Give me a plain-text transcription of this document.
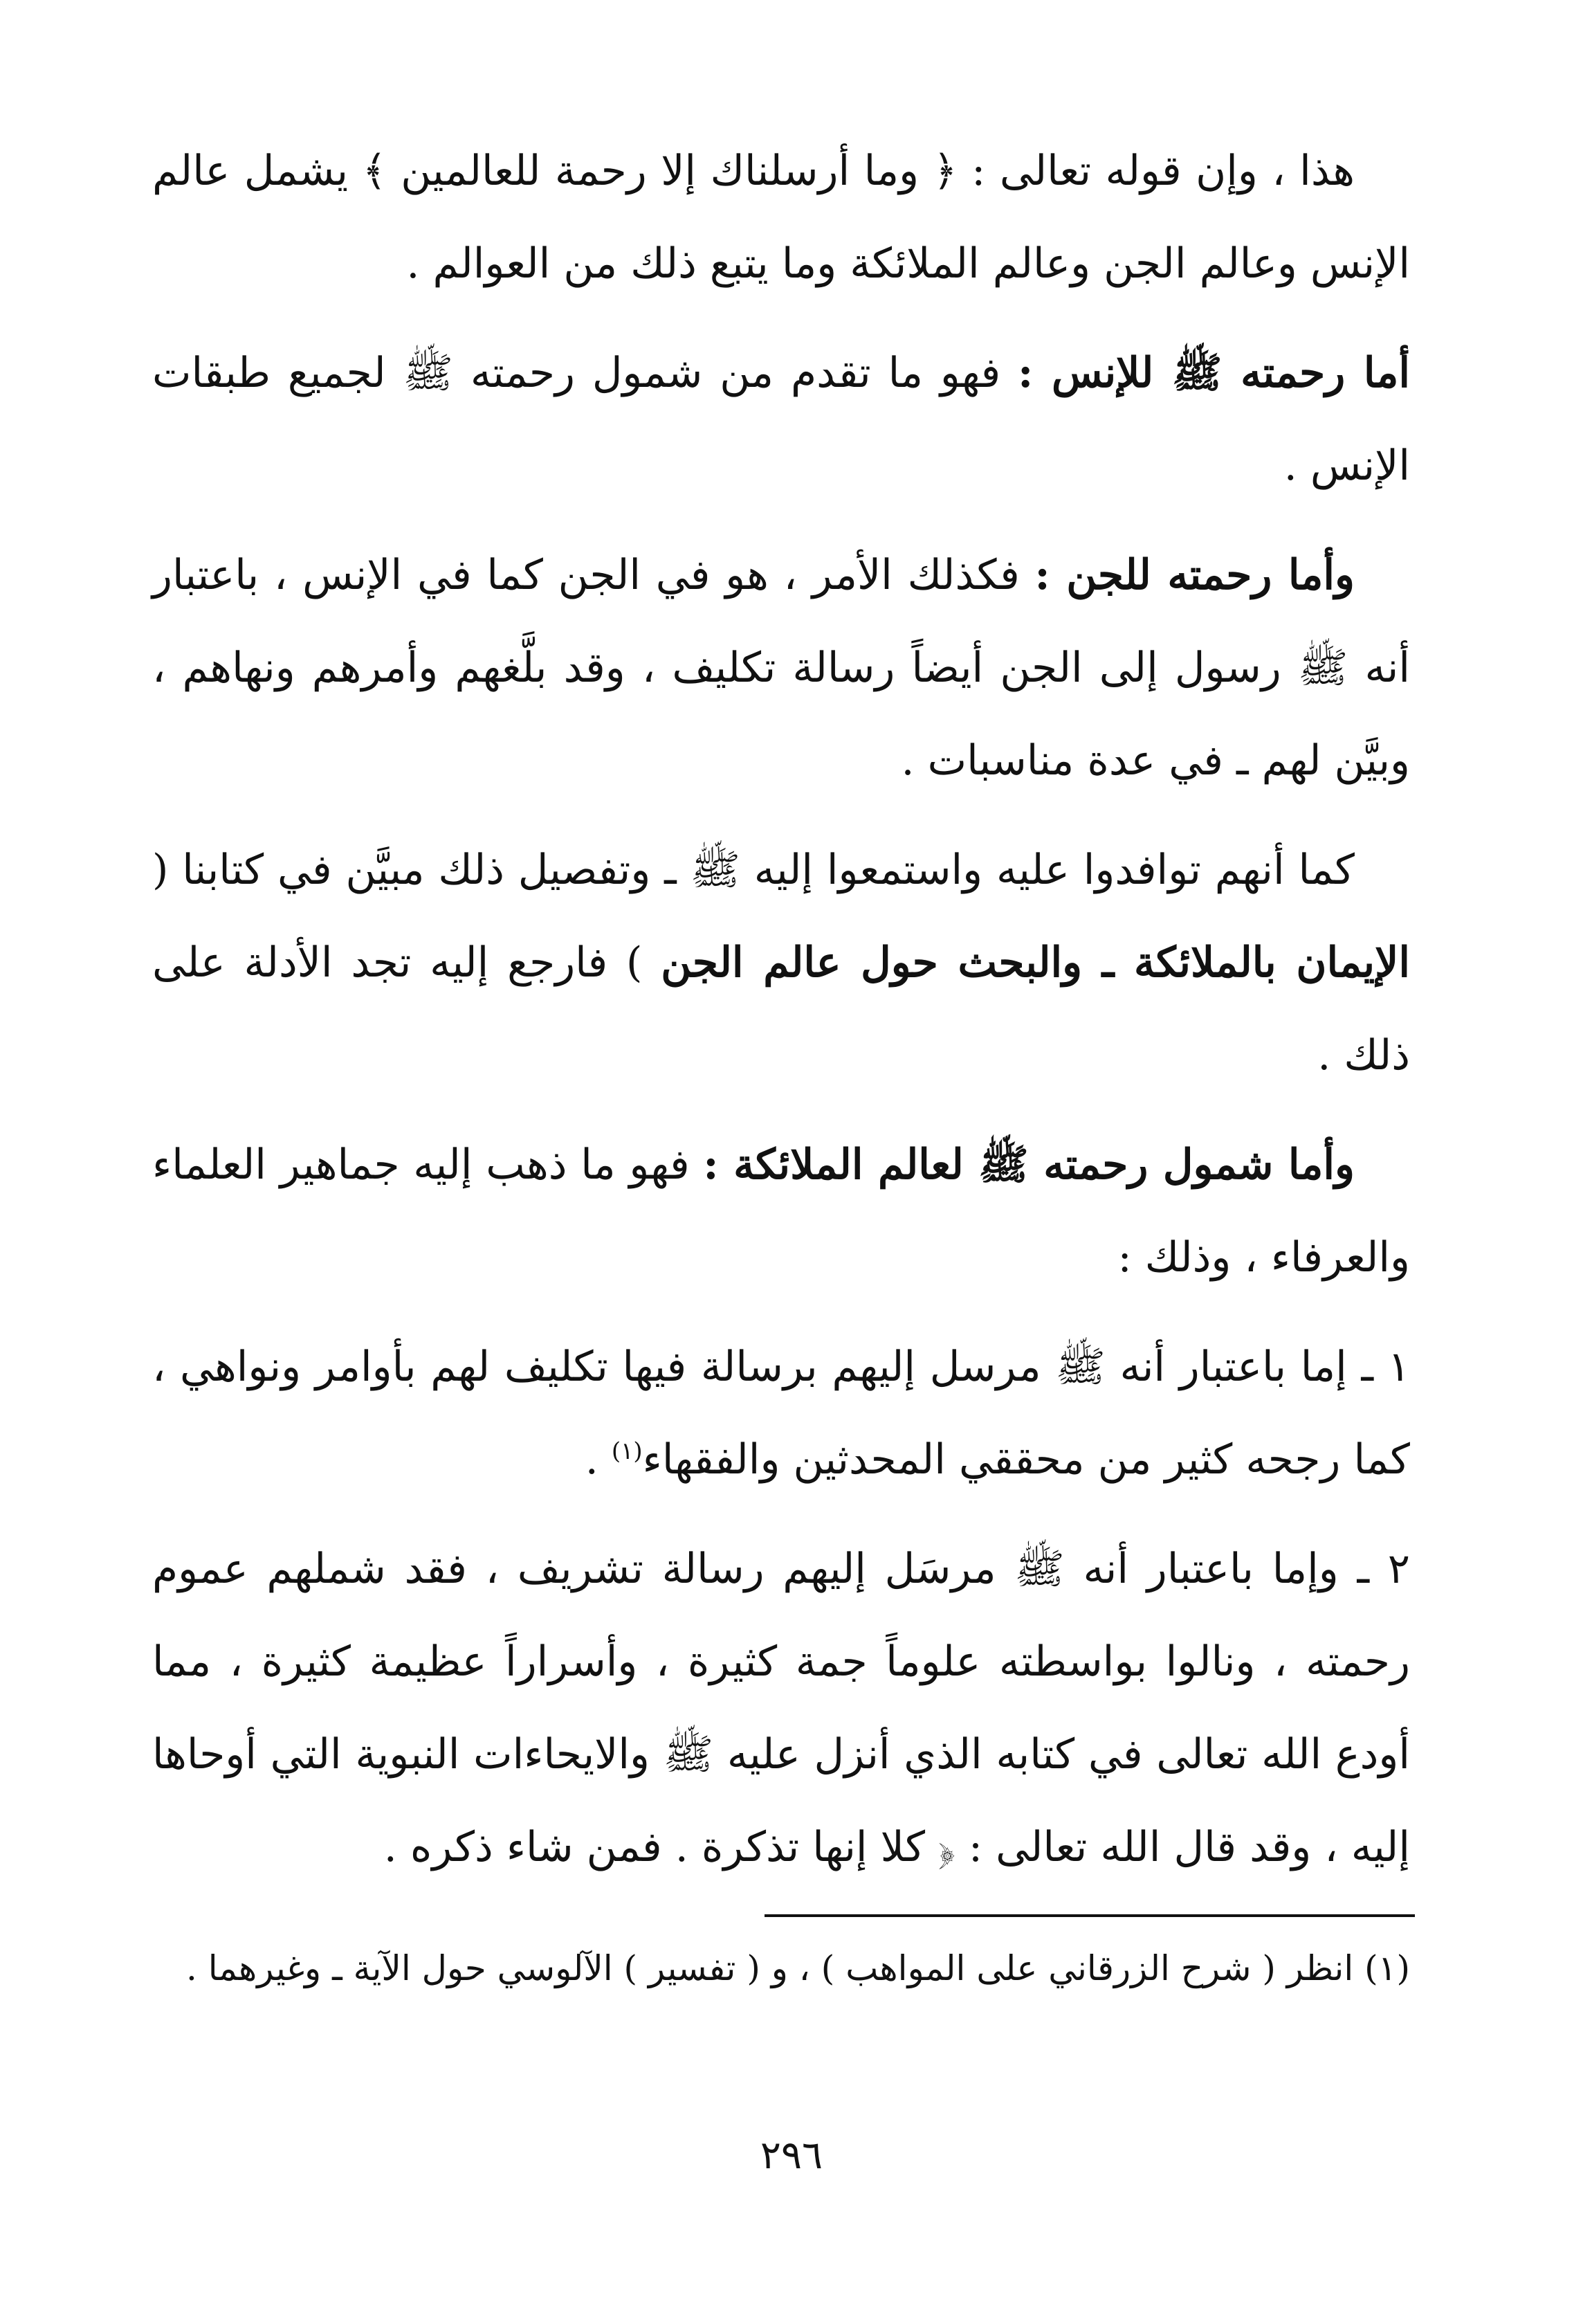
هذا ، وإن قوله تعالى : ﴿ وما أرسلناك إلا رحمة للعالمين ﴾ يشمل عالم الإنس وعالم الجن وعالم الملائكة وما يتبع ذلك من العوالم .

أما رحمته ﷺ للإنس : فهو ما تقدم من شمول رحمته ﷺ لجميع طبقات الإنس .

وأما رحمته للجن : فكذلك الأمر ، هو في الجن كما في الإنس ، باعتبار أنه ﷺ رسول إلى الجن أيضاً رسالة تكليف ، وقد بلَّغهم وأمرهم ونهاهم ، وبيَّن لهم ـ في عدة مناسبات .

كما أنهم توافدوا عليه واستمعوا إليه ﷺ ـ وتفصيل ذلك مبيَّن في كتابنا ( الإيمان بالملائكة ـ والبحث حول عالم الجن ) فارجع إليه تجد الأدلة على ذلك .

وأما شمول رحمته ﷺ لعالم الملائكة : فهو ما ذهب إليه جماهير العلماء والعرفاء ، وذلك :

١ ـ إما باعتبار أنه ﷺ مرسل إليهم برسالة فيها تكليف لهم بأوامر ونواهي ، كما رجحه كثير من محققي المحدثين والفقهاء$^{(١)}$ .

٢ ـ وإما باعتبار أنه ﷺ مرسَل إليهم رسالة تشريف ، فقد شملهم عموم رحمته ، ونالوا بواسطته علوماً جمة كثيرة ، وأسراراً عظيمة كثيرة ، مما أودع الله تعالى في كتابه الذي أنزل عليه ﷺ والايحاءات النبوية التي أوحاها إليه ، وقد قال الله تعالى : ﴿ كلا إنها تذكرة . فمن شاء ذكره .

(١) انظر ( شرح الزرقاني على المواهب ) ، و ( تفسير ) الآلوسي حول الآية ـ وغيرهما .

٢٩٦
